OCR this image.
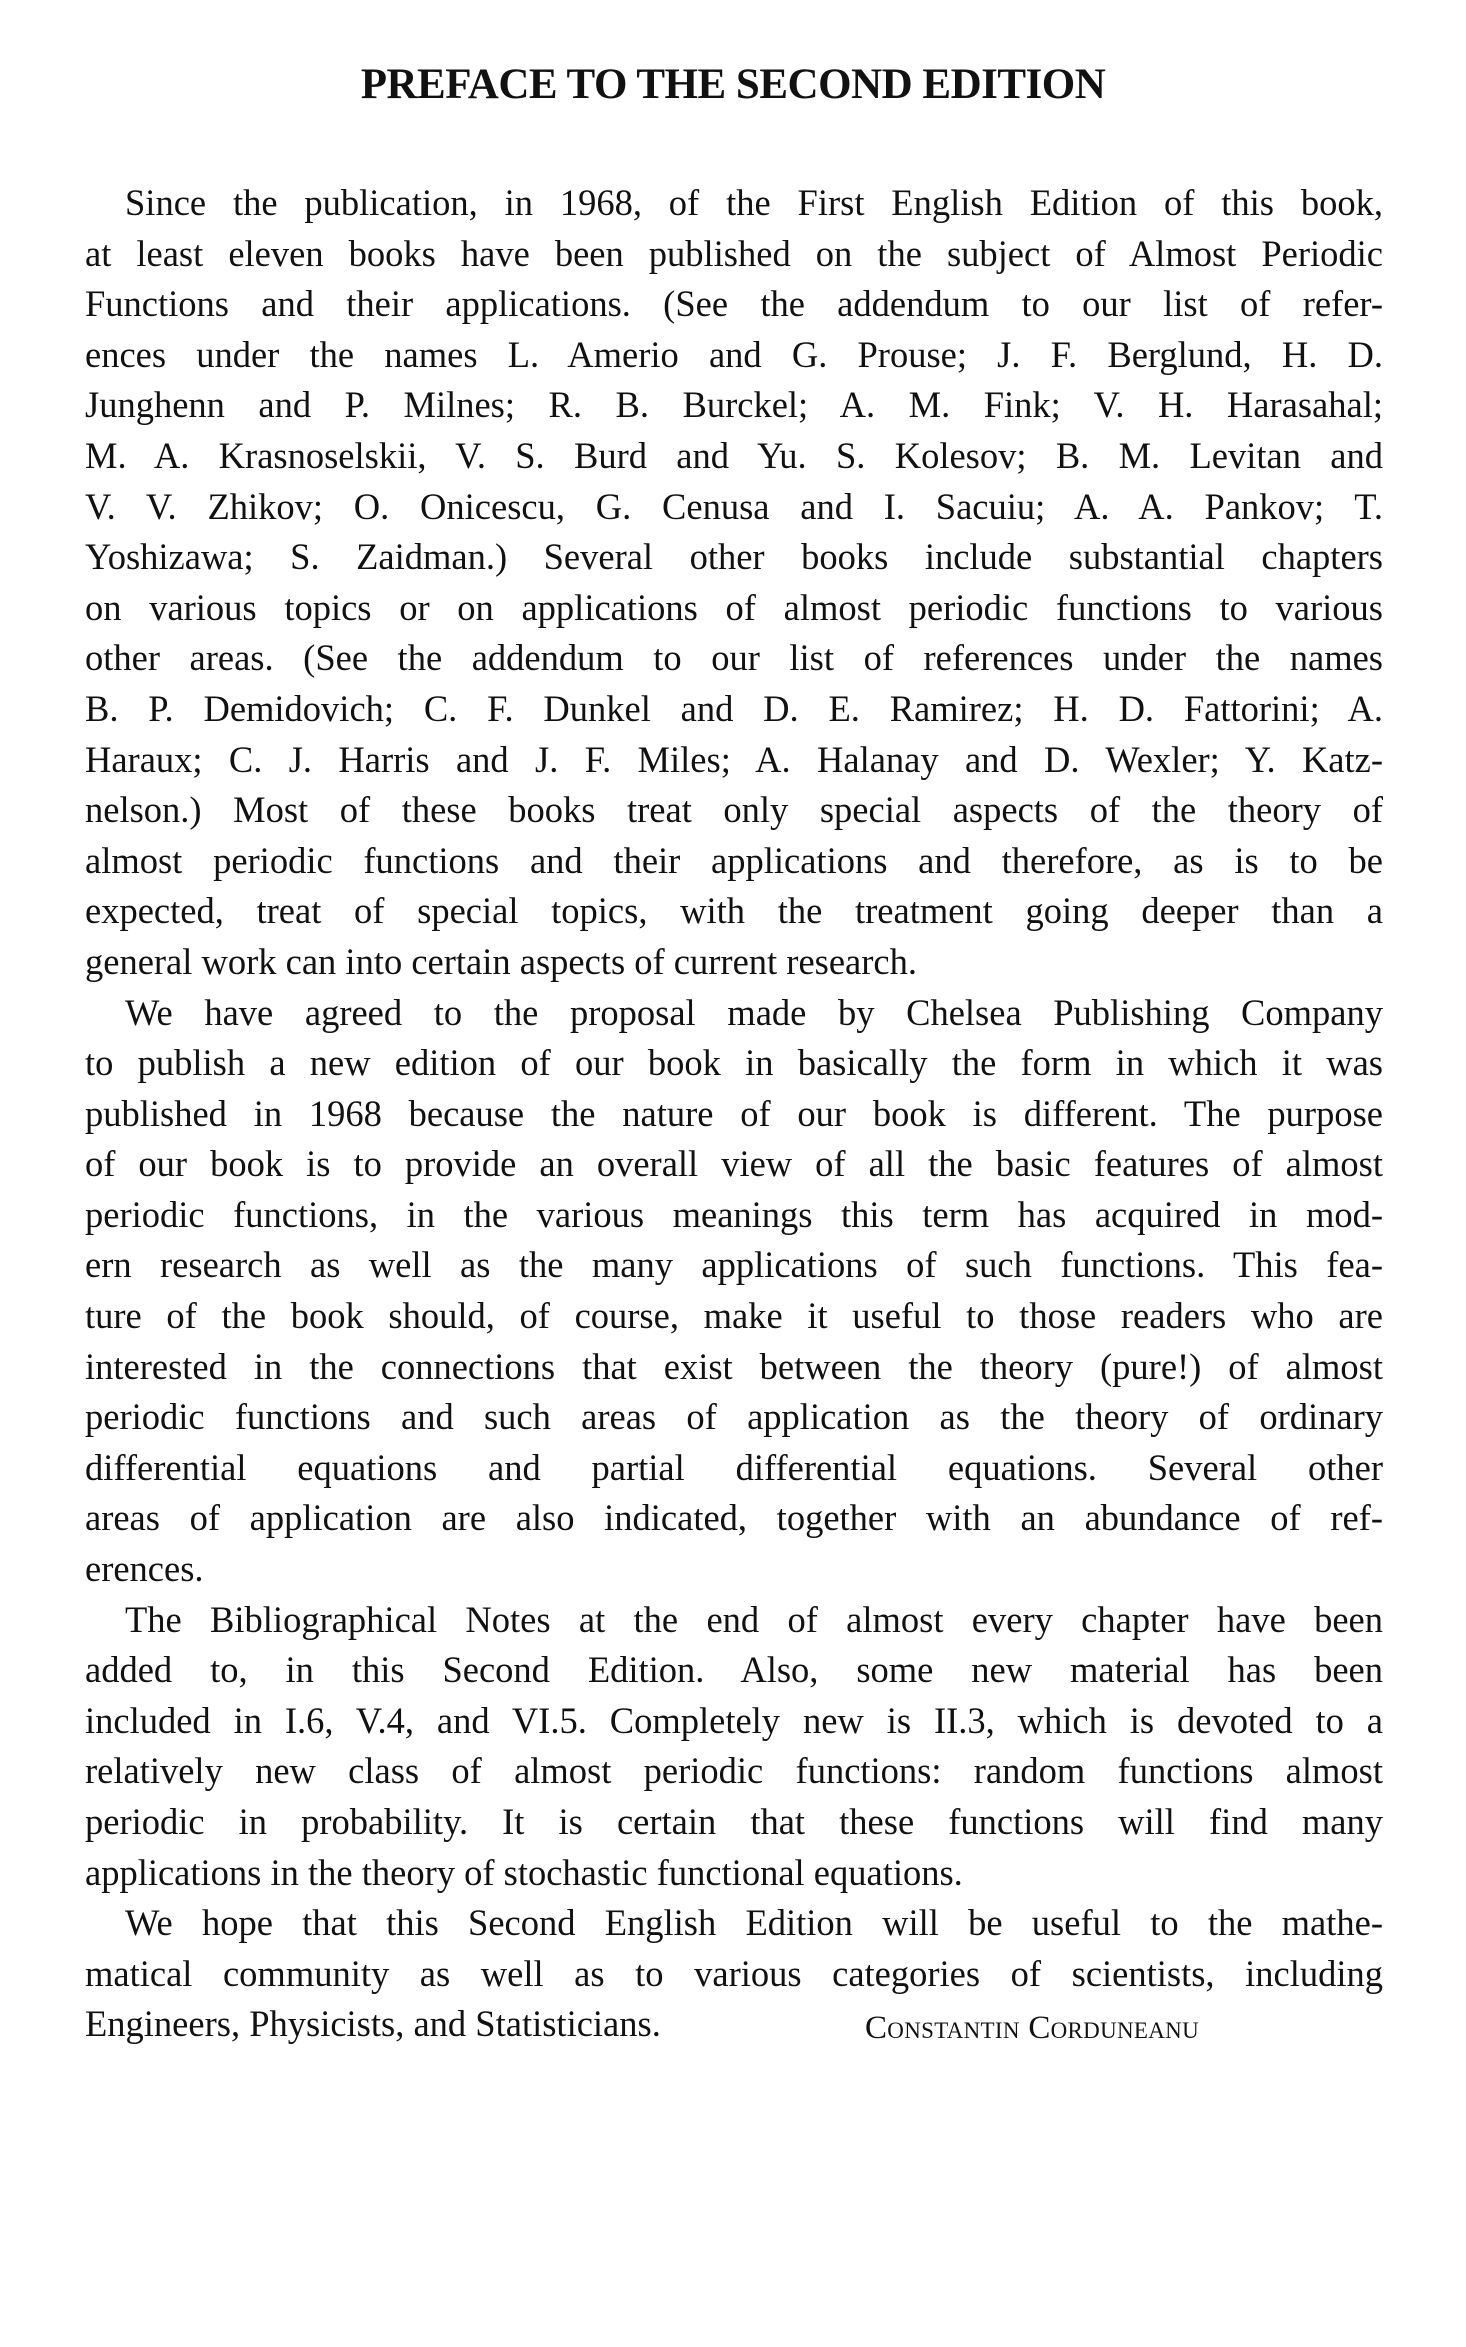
PREFACE TO THE SECOND EDITION
Since the publication, in 1968, of the First English Edition of this book,
at least eleven books have been published on the subject of Almost Periodic
Functions and their applications. (See the addendum to our list of refer-
ences under the names L. Amerio and G. Prouse; J. F. Berglund, H. D.
Junghenn and P. Milnes; R. B. Burckel; A. M. Fink; V. H. Harasahal;
M. A. Krasnoselskii, V. S. Burd and Yu. S. Kolesov; B. M. Levitan and
V. V. Zhikov; O. Onicescu, G. Cenusa and I. Sacuiu; A. A. Pankov; T.
Yoshizawa; S. Zaidman.) Several other books include substantial chapters
on various topics or on applications of almost periodic functions to various
other areas. (See the addendum to our list of references under the names
B. P. Demidovich; C. F. Dunkel and D. E. Ramirez; H. D. Fattorini; A.
Haraux; C. J. Harris and J. F. Miles; A. Halanay and D. Wexler; Y. Katz-
nelson.) Most of these books treat only special aspects of the theory of
almost periodic functions and their applications and therefore, as is to be
expected, treat of special topics, with the treatment going deeper than a
general work can into certain aspects of current research.
We have agreed to the proposal made by Chelsea Publishing Company
to publish a new edition of our book in basically the form in which it was
published in 1968 because the nature of our book is different. The purpose
of our book is to provide an overall view of all the basic features of almost
periodic functions, in the various meanings this term has acquired in mod-
ern research as well as the many applications of such functions. This fea-
ture of the book should, of course, make it useful to those readers who are
interested in the connections that exist between the theory (pure!) of almost
periodic functions and such areas of application as the theory of ordinary
differential equations and partial differential equations. Several other
areas of application are also indicated, together with an abundance of ref-
erences.
The Bibliographical Notes at the end of almost every chapter have been
added to, in this Second Edition. Also, some new material has been
included in I.6, V.4, and VI.5. Completely new is II.3, which is devoted to a
relatively new class of almost periodic functions: random functions almost
periodic in probability. It is certain that these functions will find many
applications in the theory of stochastic functional equations.
We hope that this Second English Edition will be useful to the mathe-
matical community as well as to various categories of scientists, including
Engineers, Physicists, and Statisticians.	Constantin Corduneanu
